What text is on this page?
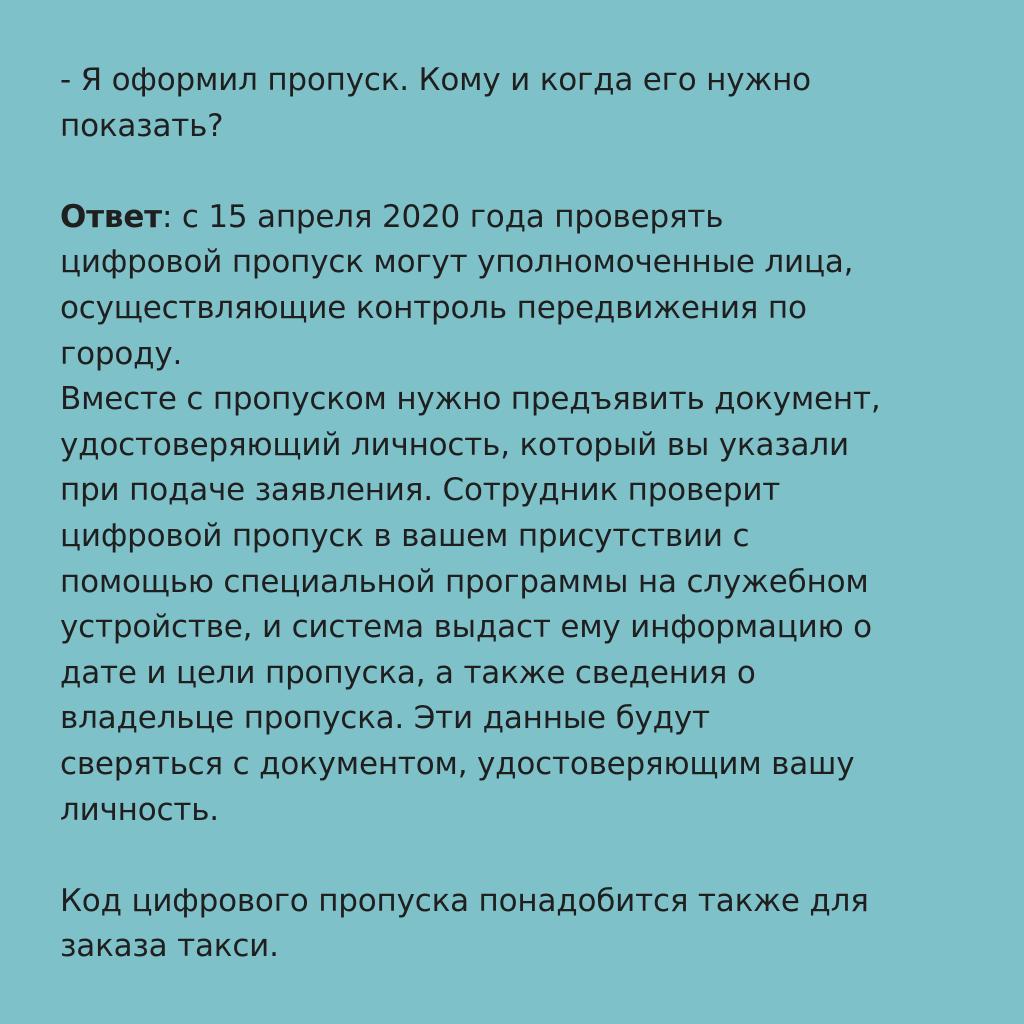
- Я оформил пропуск. Кому и когда его нужно
показать?
Ответ: с 15 апреля 2020 года проверять
цифровой пропуск могут уполномоченные лица,
осуществляющие контроль передвижения по
городу.
Вместе с пропуском нужно предъявить документ,
удостоверяющий личность, который вы указали
при подаче заявления. Сотрудник проверит
цифровой пропуск в вашем присутствии с
помощью специальной программы на служебном
устройстве, и система выдаст ему информацию о
дате и цели пропуска, а также сведения о
владельце пропуска. Эти данные будут
сверяться с документом, удостоверяющим вашу
личность.
Код цифрового пропуска понадобится также для
заказа такси.
